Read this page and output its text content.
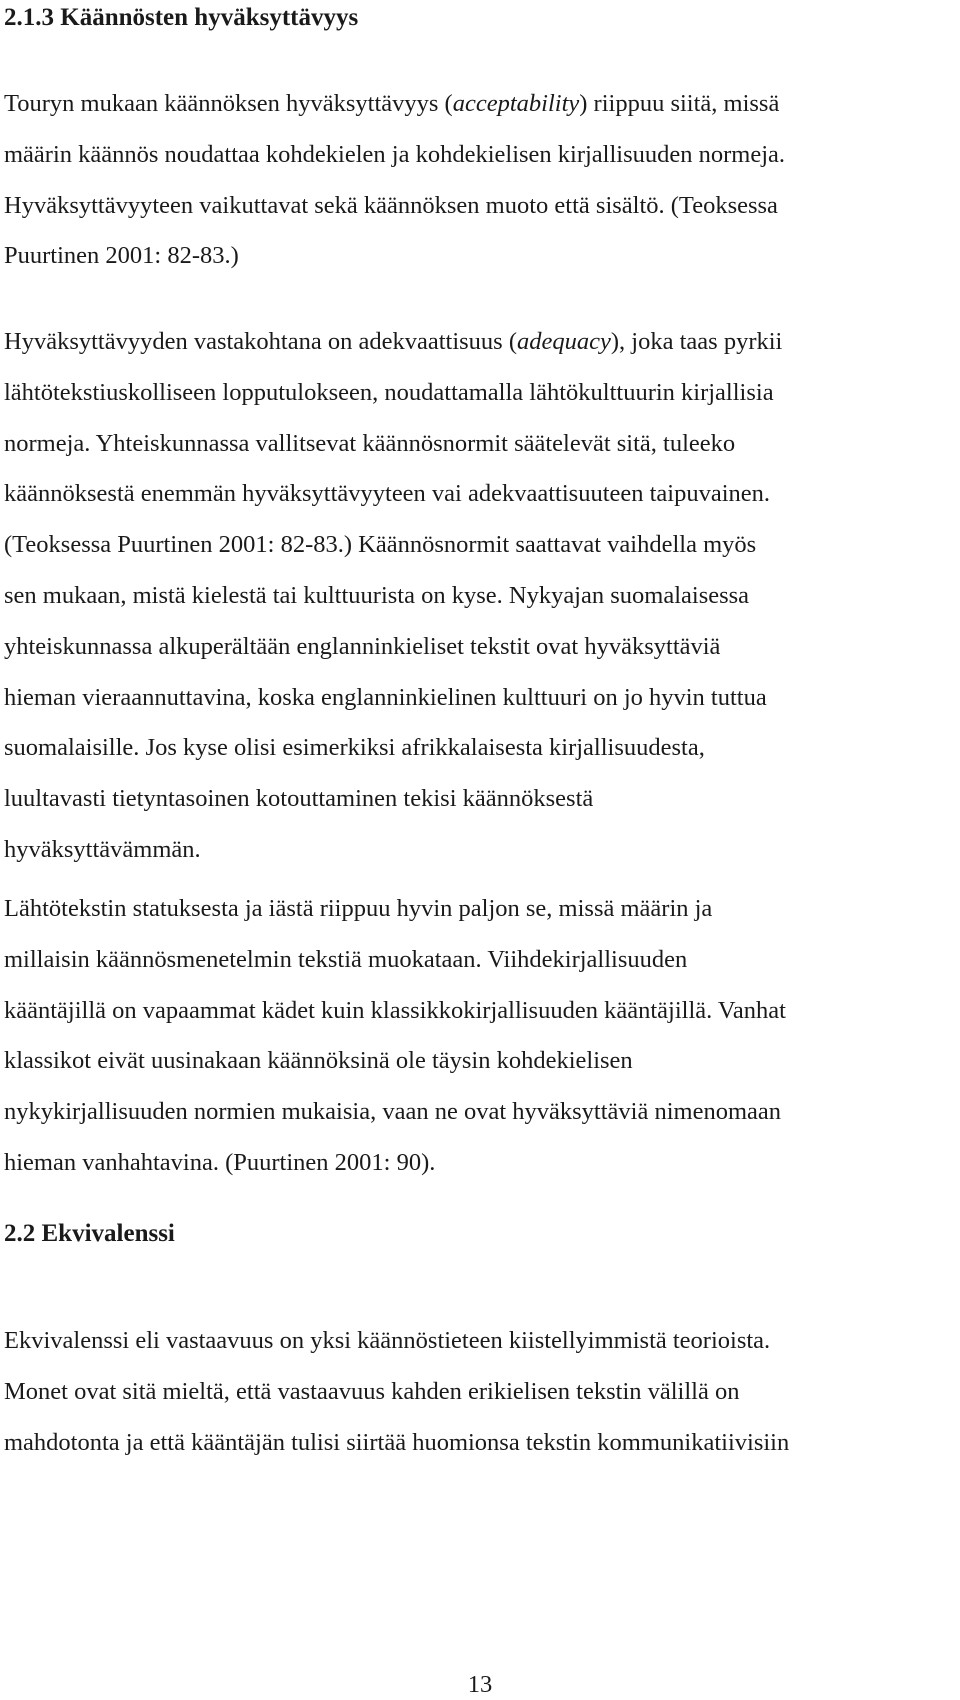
2.1.3 Käännösten hyväksyttävyys

Touryn mukaan käännöksen hyväksyttävyys (acceptability) riippuu siitä, missä
määrin käännös noudattaa kohdekielen ja kohdekielisen kirjallisuuden normeja.
Hyväksyttävyyteen vaikuttavat sekä käännöksen muoto että sisältö. (Teoksessa
Puurtinen 2001: 82-83.)

Hyväksyttävyyden vastakohtana on adekvaattisuus (adequacy), joka taas pyrkii
lähtötekstiuskolliseen lopputulokseen, noudattamalla lähtökulttuurin kirjallisia
normeja. Yhteiskunnassa vallitsevat käännösnormit säätelevät sitä, tuleeko
käännöksestä enemmän hyväksyttävyyteen vai adekvaattisuuteen taipuvainen.
(Teoksessa Puurtinen 2001: 82-83.) Käännösnormit saattavat vaihdella myös
sen mukaan, mistä kielestä tai kulttuurista on kyse. Nykyajan suomalaisessa
yhteiskunnassa alkuperältään englanninkieliset tekstit ovat hyväksyttäviä
hieman vieraannuttavina, koska englanninkielinen kulttuuri on jo hyvin tuttua
suomalaisille. Jos kyse olisi esimerkiksi afrikkalaisesta kirjallisuudesta,
luultavasti tietyntasoinen kotouttaminen tekisi käännöksestä
hyväksyttävämmän.

Lähtötekstin statuksesta ja iästä riippuu hyvin paljon se, missä määrin ja
millaisin käännösmenetelmin tekstiä muokataan. Viihdekirjallisuuden
kääntäjillä on vapaammat kädet kuin klassikkokirjallisuuden kääntäjillä. Vanhat
klassikot eivät uusinakaan käännöksinä ole täysin kohdekielisen
nykykirjallisuuden normien mukaisia, vaan ne ovat hyväksyttäviä nimenomaan
hieman vanhahtavina. (Puurtinen 2001: 90).

2.2 Ekvivalenssi

Ekvivalenssi eli vastaavuus on yksi käännöstieteen kiistellyimmistä teorioista.
Monet ovat sitä mieltä, että vastaavuus kahden erikielisen tekstin välillä on
mahdotonta ja että kääntäjän tulisi siirtää huomionsa tekstin kommunikatiivisiin

13
